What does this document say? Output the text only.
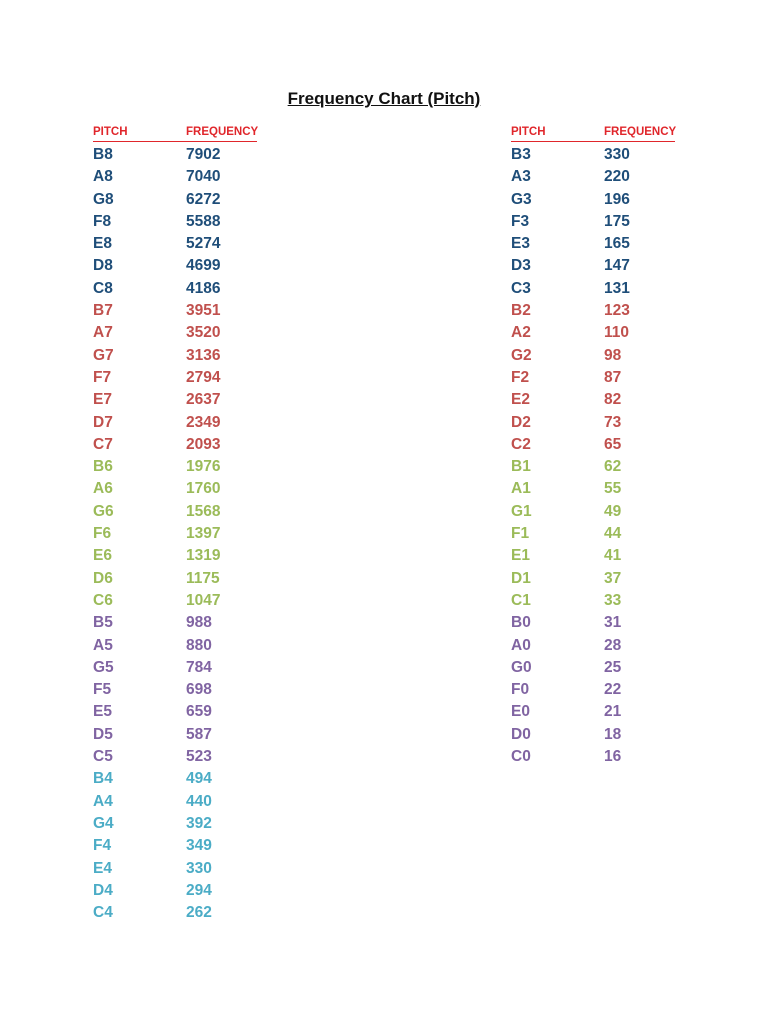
Frequency Chart (Pitch)
PITCH	FREQUENCY
B8	7902
A8	7040
G8	6272
F8	5588
E8	5274
D8	4699
C8	4186
B7	3951
A7	3520
G7	3136
F7	2794
E7	2637
D7	2349
C7	2093
B6	1976
A6	1760
G6	1568
F6	1397
E6	1319
D6	1175
C6	1047
B5	988
A5	880
G5	784
F5	698
E5	659
D5	587
C5	523
B4	494
A4	440
G4	392
F4	349
E4	330
D4	294
C4	262
PITCH	FREQUENCY
B3	330
A3	220
G3	196
F3	175
E3	165
D3	147
C3	131
B2	123
A2	110
G2	98
F2	87
E2	82
D2	73
C2	65
B1	62
A1	55
G1	49
F1	44
E1	41
D1	37
C1	33
B0	31
A0	28
G0	25
F0	22
E0	21
D0	18
C0	16
